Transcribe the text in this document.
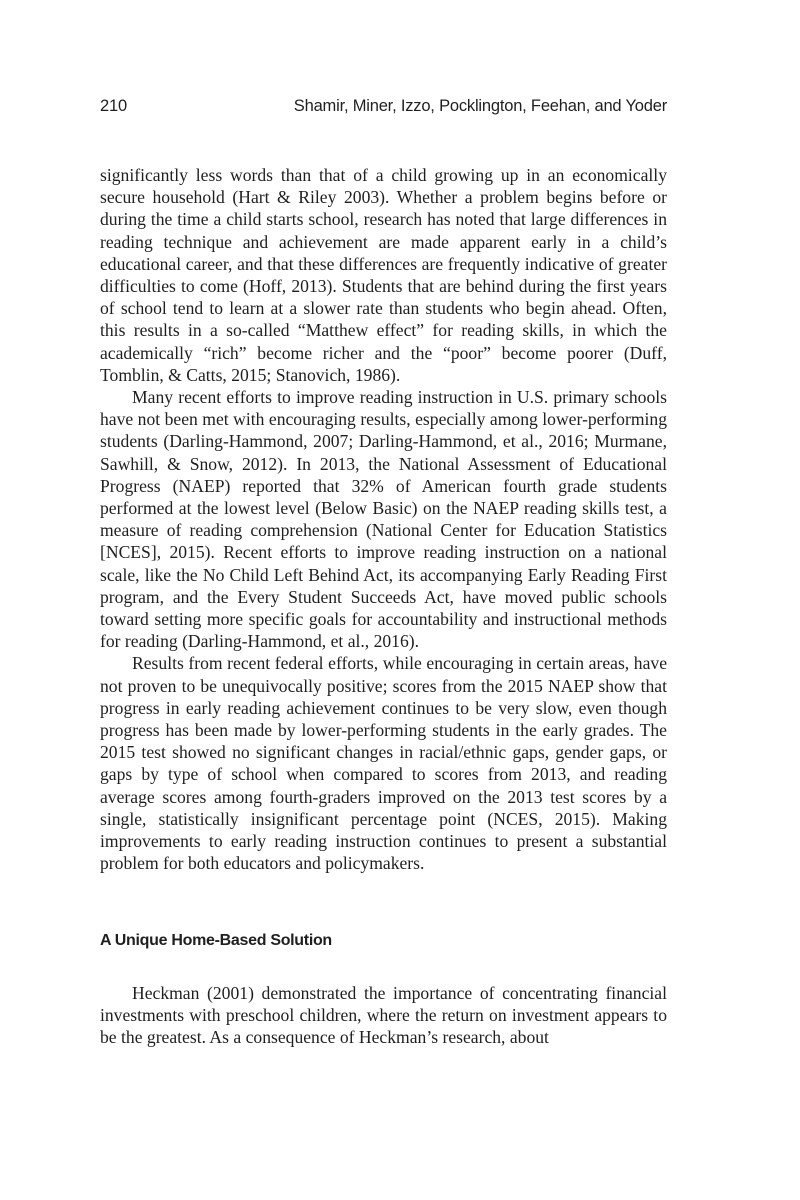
210	Shamir, Miner, Izzo, Pocklington, Feehan, and Yoder

significantly less words than that of a child growing up in an economically secure household (Hart & Riley 2003). Whether a problem begins before or during the time a child starts school, research has noted that large differences in reading technique and achievement are made apparent early in a child’s educational career, and that these differences are frequently indicative of greater difficulties to come (Hoff, 2013). Students that are behind during the first years of school tend to learn at a slower rate than students who begin ahead. Often, this results in a so-called “Matthew effect” for reading skills, in which the academically “rich” become richer and the “poor” become poorer (Duff, Tomblin, & Catts, 2015; Stanovich, 1986).

Many recent efforts to improve reading instruction in U.S. primary schools have not been met with encouraging results, especially among lower-performing students (Darling-Hammond, 2007; Darling-Hammond, et al., 2016; Murmane, Sawhill, & Snow, 2012). In 2013, the National Assessment of Educational Progress (NAEP) reported that 32% of American fourth grade students performed at the lowest level (Below Basic) on the NAEP reading skills test, a measure of reading comprehension (National Center for Education Statistics [NCES], 2015). Recent efforts to improve reading instruction on a national scale, like the No Child Left Behind Act, its accompanying Early Reading First program, and the Every Student Succeeds Act, have moved public schools toward setting more specific goals for accountability and instructional methods for reading (Darling-Hammond, et al., 2016).

Results from recent federal efforts, while encouraging in certain areas, have not proven to be unequivocally positive; scores from the 2015 NAEP show that progress in early reading achievement continues to be very slow, even though progress has been made by lower-performing students in the early grades. The 2015 test showed no significant changes in racial/ethnic gaps, gender gaps, or gaps by type of school when compared to scores from 2013, and reading average scores among fourth-graders improved on the 2013 test scores by a single, statistically insignificant percentage point (NCES, 2015). Making improvements to early reading instruction continues to present a substantial problem for both educators and policymakers.

A Unique Home-Based Solution

Heckman (2001) demonstrated the importance of concentrating financial investments with preschool children, where the return on investment appears to be the greatest. As a consequence of Heckman’s research, about
